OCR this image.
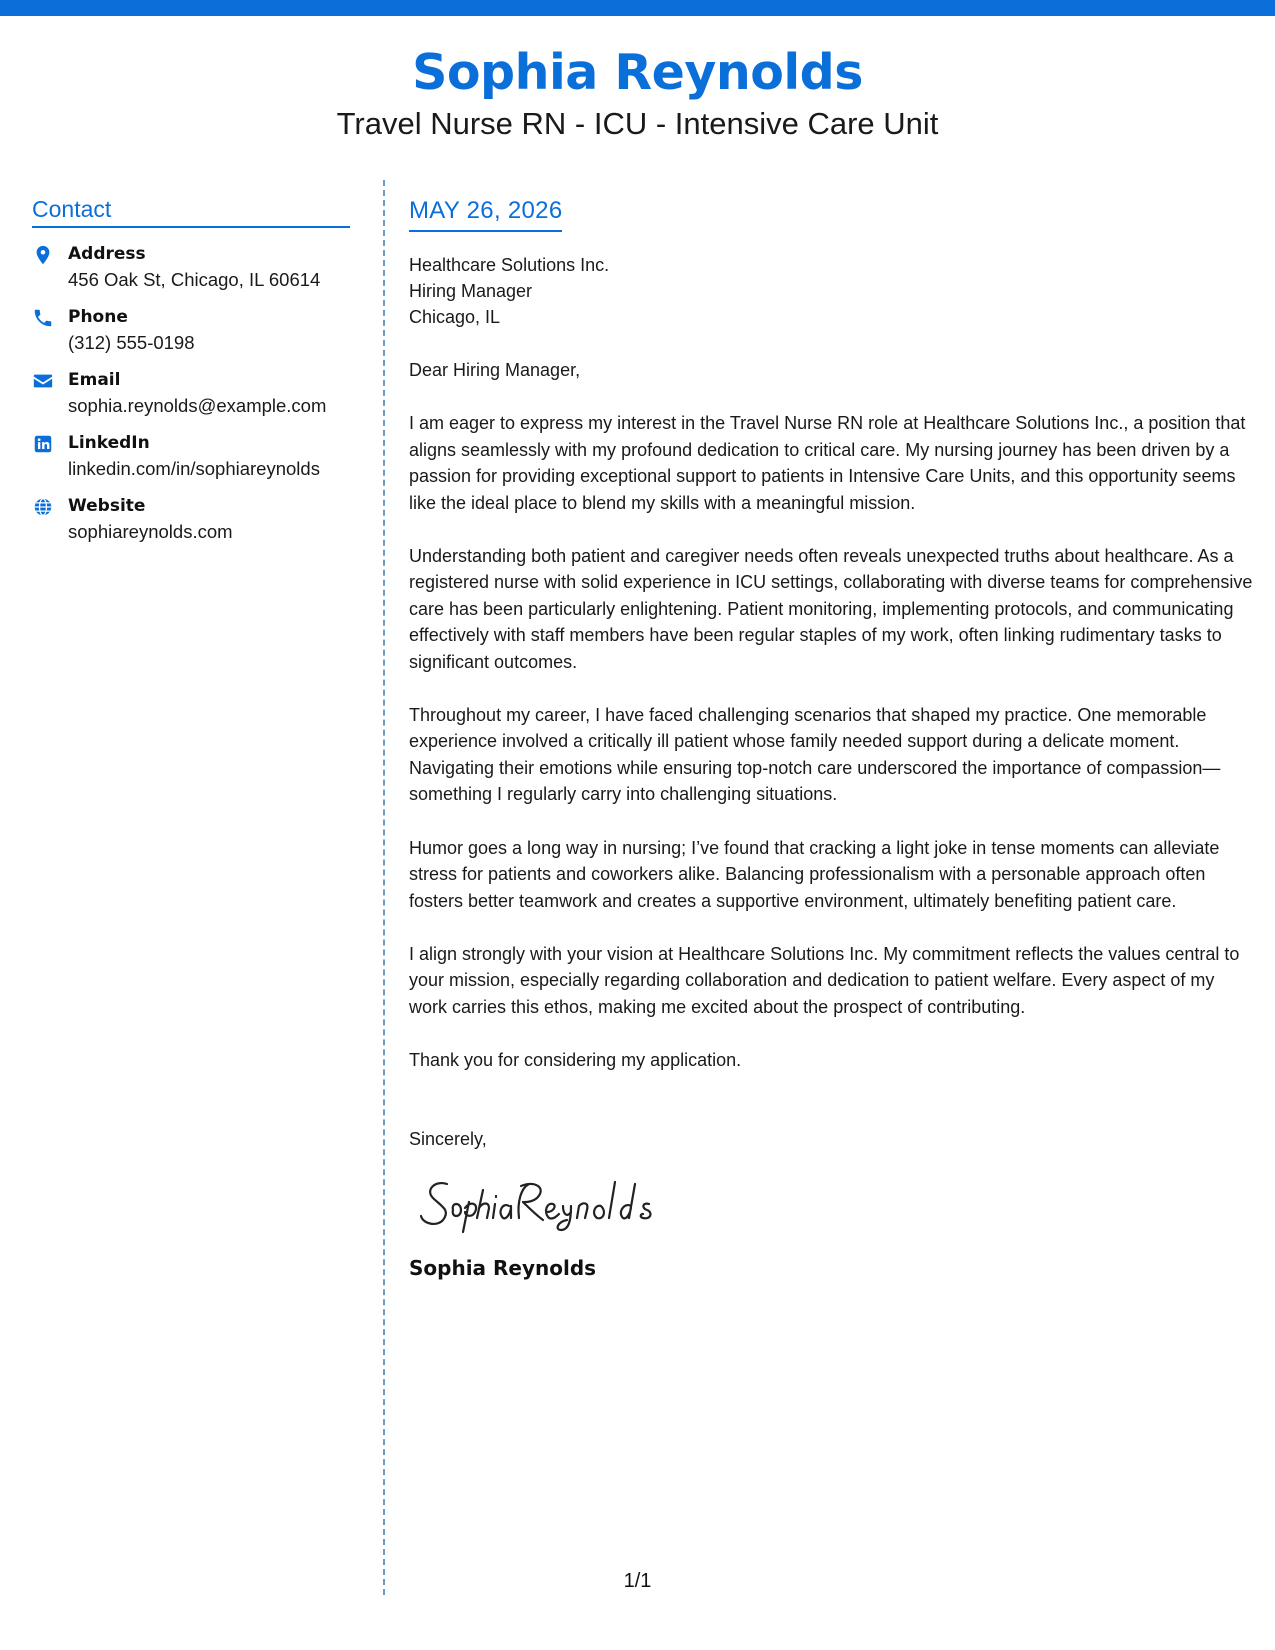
Sophia Reynolds
Travel Nurse RN - ICU - Intensive Care Unit
Contact
Address
456 Oak St, Chicago, IL 60614
Phone
(312) 555-0198
Email
sophia.reynolds@example.com
LinkedIn
linkedin.com/in/sophiareynolds
Website
sophiareynolds.com
MAY 26, 2026
Healthcare Solutions Inc.
Hiring Manager
Chicago, IL
Dear Hiring Manager,
I am eager to express my interest in the Travel Nurse RN role at Healthcare Solutions Inc., a position that aligns seamlessly with my profound dedication to critical care. My nursing journey has been driven by a passion for providing exceptional support to patients in Intensive Care Units, and this opportunity seems like the ideal place to blend my skills with a meaningful mission.
Understanding both patient and caregiver needs often reveals unexpected truths about healthcare. As a registered nurse with solid experience in ICU settings, collaborating with diverse teams for comprehensive care has been particularly enlightening. Patient monitoring, implementing protocols, and communicating effectively with staff members have been regular staples of my work, often linking rudimentary tasks to significant outcomes.
Throughout my career, I have faced challenging scenarios that shaped my practice. One memorable experience involved a critically ill patient whose family needed support during a delicate moment. Navigating their emotions while ensuring top-notch care underscored the importance of compassion—something I regularly carry into challenging situations.
Humor goes a long way in nursing; I’ve found that cracking a light joke in tense moments can alleviate stress for patients and coworkers alike. Balancing professionalism with a personable approach often fosters better teamwork and creates a supportive environment, ultimately benefiting patient care.
I align strongly with your vision at Healthcare Solutions Inc. My commitment reflects the values central to your mission, especially regarding collaboration and dedication to patient welfare. Every aspect of my work carries this ethos, making me excited about the prospect of contributing.
Thank you for considering my application.
Sincerely,
Sophia Reynolds
1/1
